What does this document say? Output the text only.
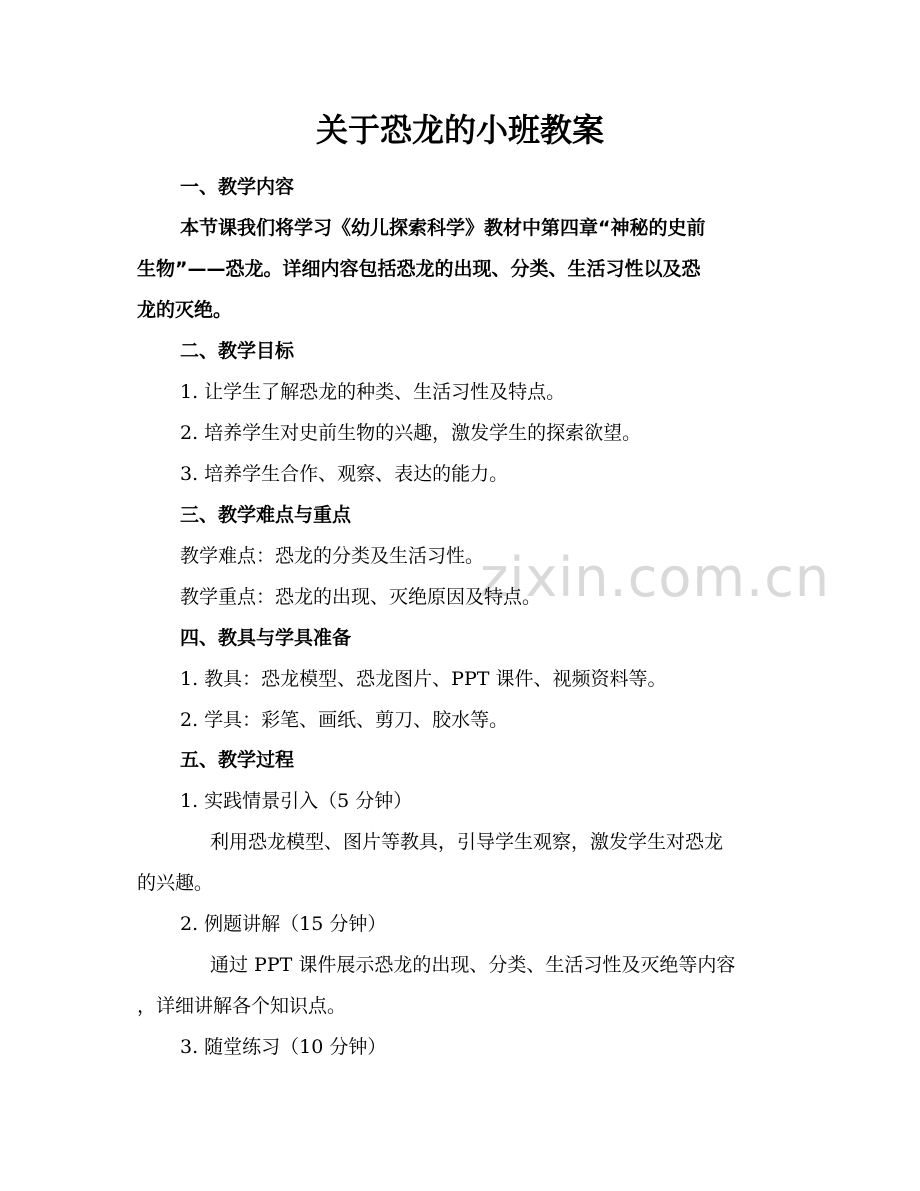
zixin.com.cn
关于恐龙的小班教案
一、教学内容
本节课我们将学习《幼儿探索科学》教材中第四章“神秘的史前
生物”——恐龙。详细内容包括恐龙的出现、分类、生活习性以及恐
龙的灭绝。
二、教学目标
1. 让学生了解恐龙的种类、生活习性及特点。
2. 培养学生对史前生物的兴趣，激发学生的探索欲望。
3. 培养学生合作、观察、表达的能力。
三、教学难点与重点
教学难点：恐龙的分类及生活习性。
教学重点：恐龙的出现、灭绝原因及特点。
四、教具与学具准备
1. 教具：恐龙模型、恐龙图片、PPT 课件、视频资料等。
2. 学具：彩笔、画纸、剪刀、胶水等。
五、教学过程
1. 实践情景引入（5 分钟）
利用恐龙模型、图片等教具，引导学生观察，激发学生对恐龙
的兴趣。
2. 例题讲解（15 分钟）
通过 PPT 课件展示恐龙的出现、分类、生活习性及灭绝等内容
，详细讲解各个知识点。
3. 随堂练习（10 分钟）
